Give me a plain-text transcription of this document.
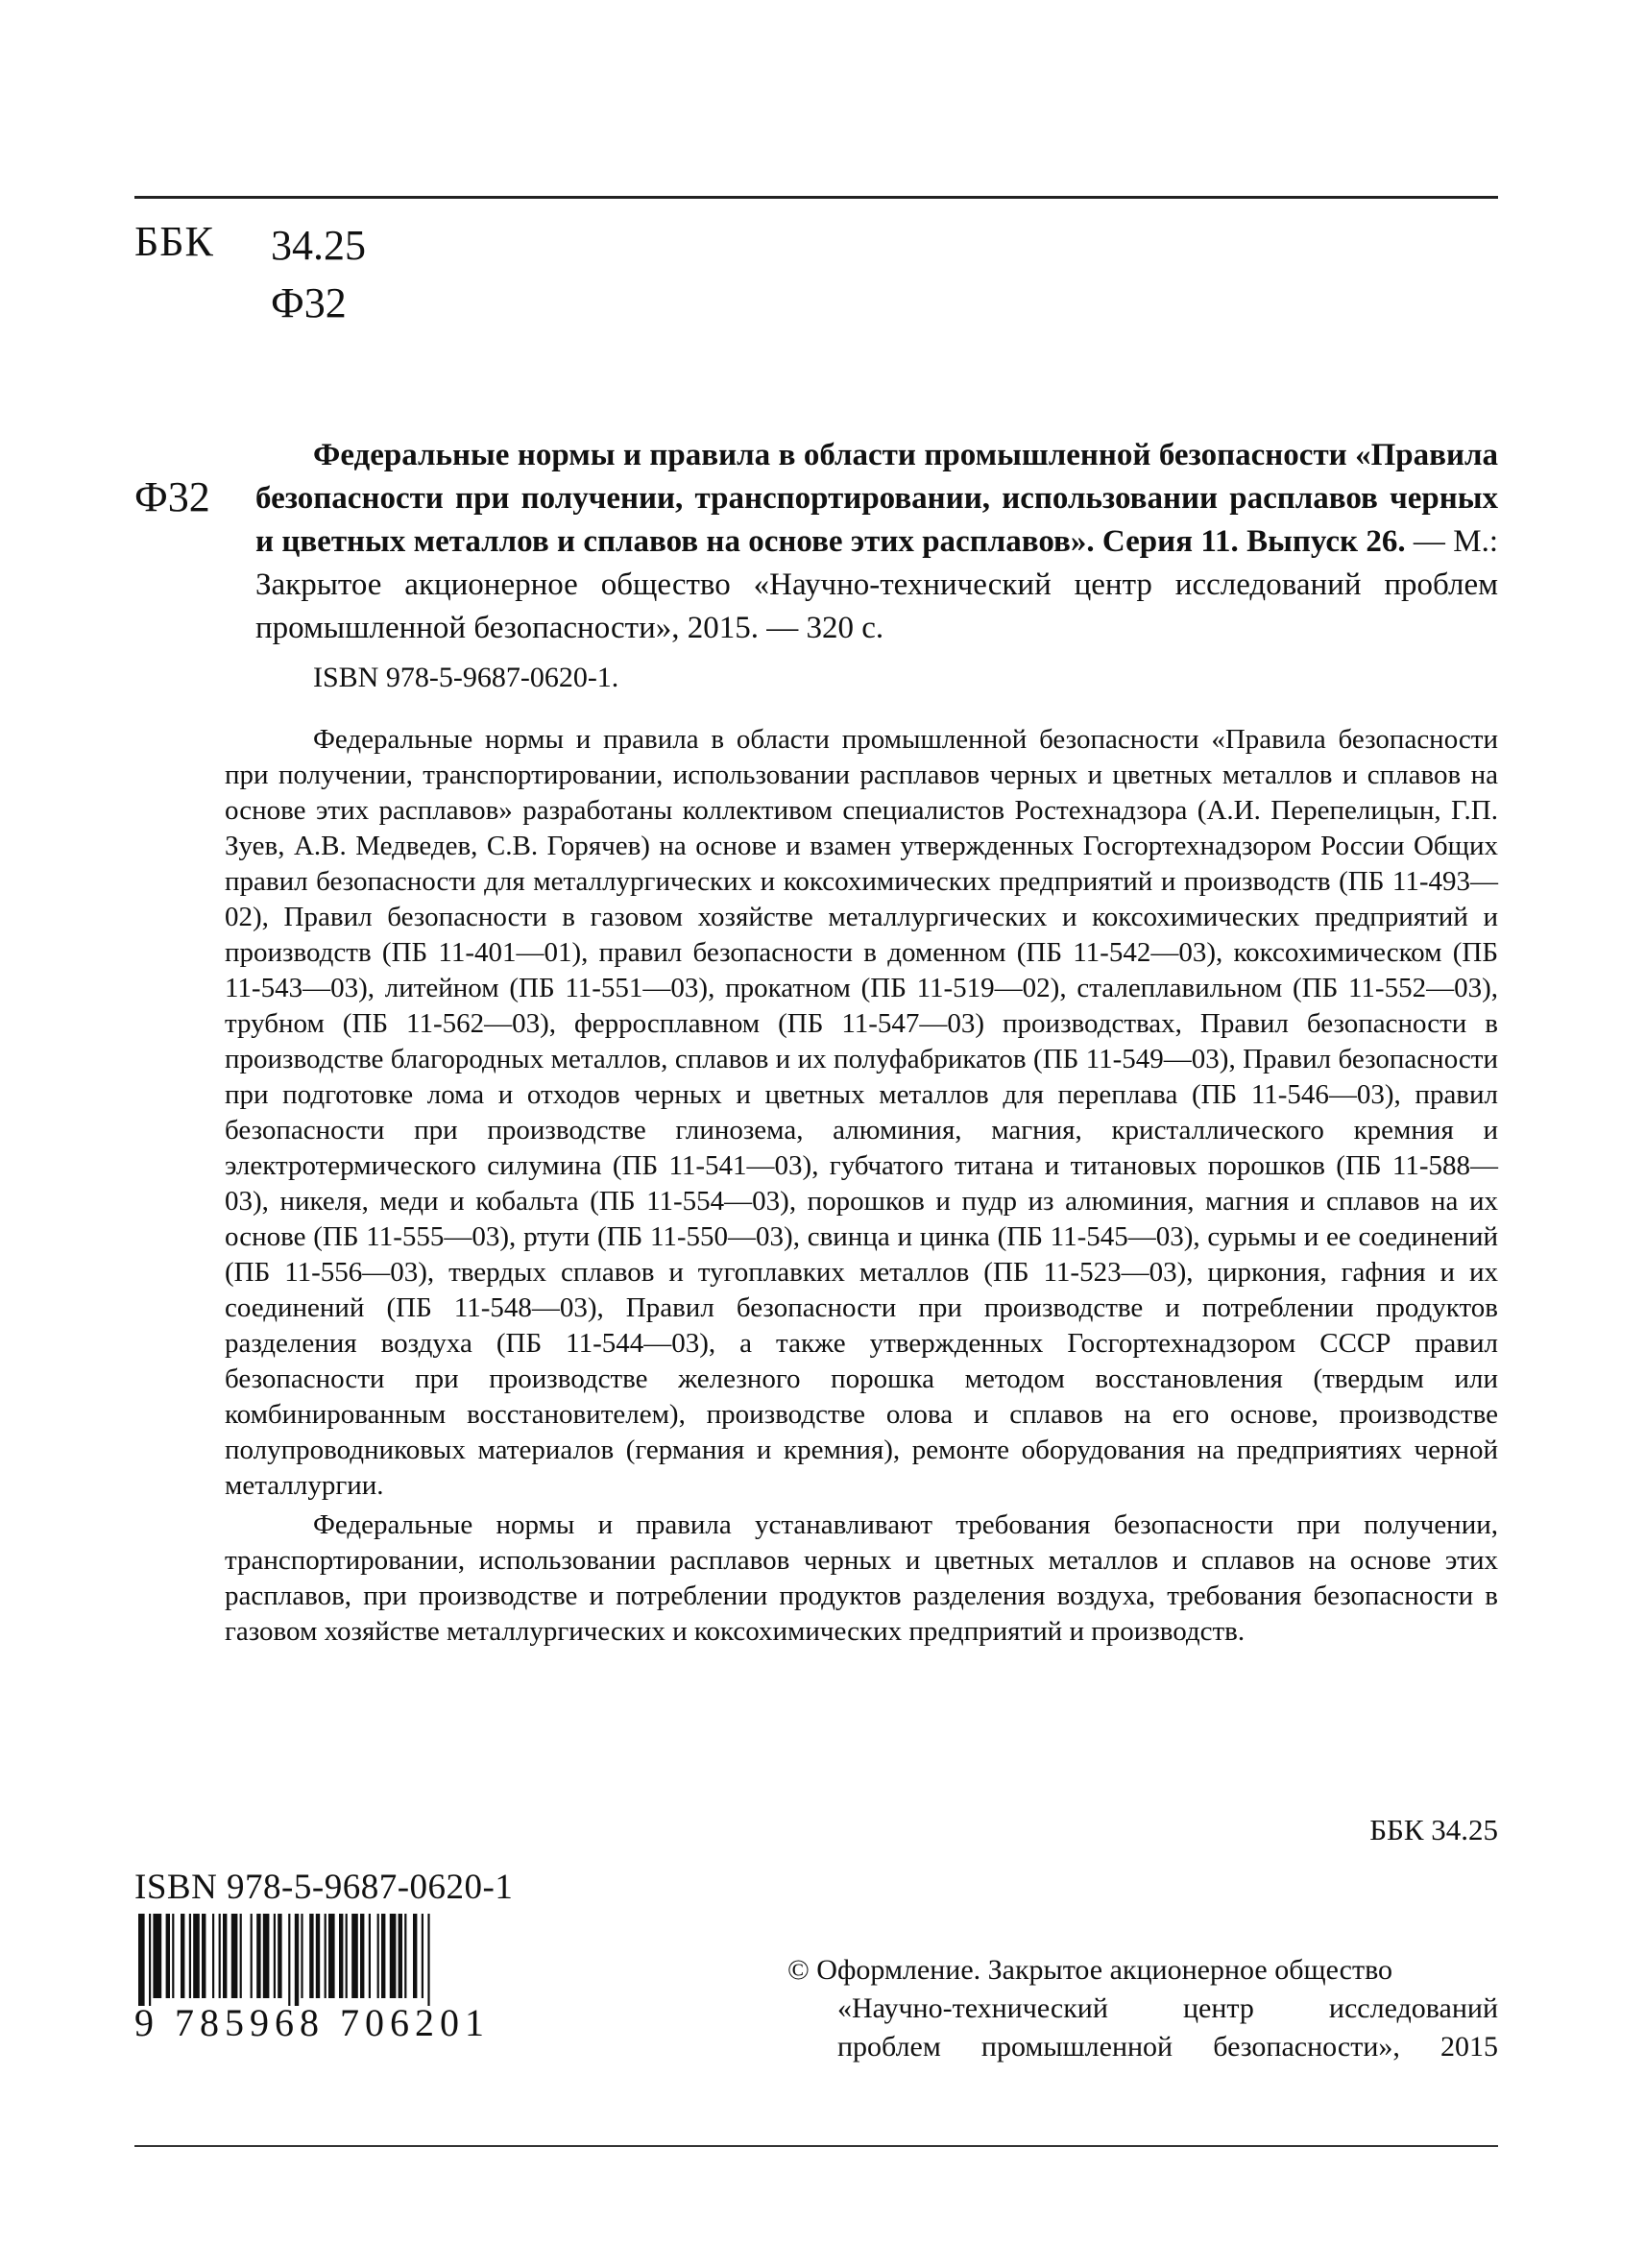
ББК 34.25
Ф32
Ф32

Федеральные нормы и правила в области промышленной безопасности «Правила безопасности при получении, транспортировании, использовании расплавов черных и цветных металлов и сплавов на основе этих расплавов». Серия 11. Выпуск 26. — М.: Закрытое акционерное общество «Научно-технический центр исследований проблем промышленной безопасности», 2015. — 320 с.

ISBN 978-5-9687-0620-1.

Федеральные нормы и правила в области промышленной безопасности «Правила безопасности при получении, транспортировании, использовании расплавов черных и цветных металлов и сплавов на основе этих расплавов» разработаны коллективом специалистов Ростехнадзора (А.И. Перепелицын, Г.П. Зуев, А.В. Медведев, С.В. Горячев) на основе и взамен утвержденных Госгортехнадзором России Общих правил безопасности для металлургических и коксохимических предприятий и производств (ПБ 11-493—02), Правил безопасности в газовом хозяйстве металлургических и коксохимических предприятий и производств (ПБ 11-401—01), правил безопасности в доменном (ПБ 11-542—03), коксохимическом (ПБ 11-543—03), литейном (ПБ 11-551—03), прокатном (ПБ 11-519—02), сталеплавильном (ПБ 11-552—03), трубном (ПБ 11-562—03), ферросплавном (ПБ 11-547—03) производствах, Правил безопасности в производстве благородных металлов, сплавов и их полуфабрикатов (ПБ 11-549—03), Правил безопасности при подготовке лома и отходов черных и цветных металлов для переплава (ПБ 11-546—03), правил безопасности при производстве глинозема, алюминия, магния, кристаллического кремния и электротермического силумина (ПБ 11-541—03), губчатого титана и титановых порошков (ПБ 11-588—03), никеля, меди и кобальта (ПБ 11-554—03), порошков и пудр из алюминия, магния и сплавов на их основе (ПБ 11-555—03), ртути (ПБ 11-550—03), свинца и цинка (ПБ 11-545—03), сурьмы и ее соединений (ПБ 11-556—03), твердых сплавов и тугоплавких металлов (ПБ 11-523—03), циркония, гафния и их соединений (ПБ 11-548—03), Правил безопасности при производстве и потреблении продуктов разделения воздуха (ПБ 11-544—03), а также утвержденных Госгортехнадзором СССР правил безопасности при производстве железного порошка методом восстановления (твердым или комбинированным восстановителем), производстве олова и сплавов на его основе, производстве полупроводниковых материалов (германия и кремния), ремонте оборудования на предприятиях черной металлургии.

Федеральные нормы и правила устанавливают требования безопасности при получении, транспортировании, использовании расплавов черных и цветных металлов и сплавов на основе этих расплавов, при производстве и потреблении продуктов разделения воздуха, требования безопасности в газовом хозяйстве металлургических и коксохимических предприятий и производств.

ББК 34.25
ISBN 978-5-9687-0620-1
9 785968 706201
© Оформление. Закрытое акционерное общество
«Научно-технический центр исследований
проблем промышленной безопасности», 2015
